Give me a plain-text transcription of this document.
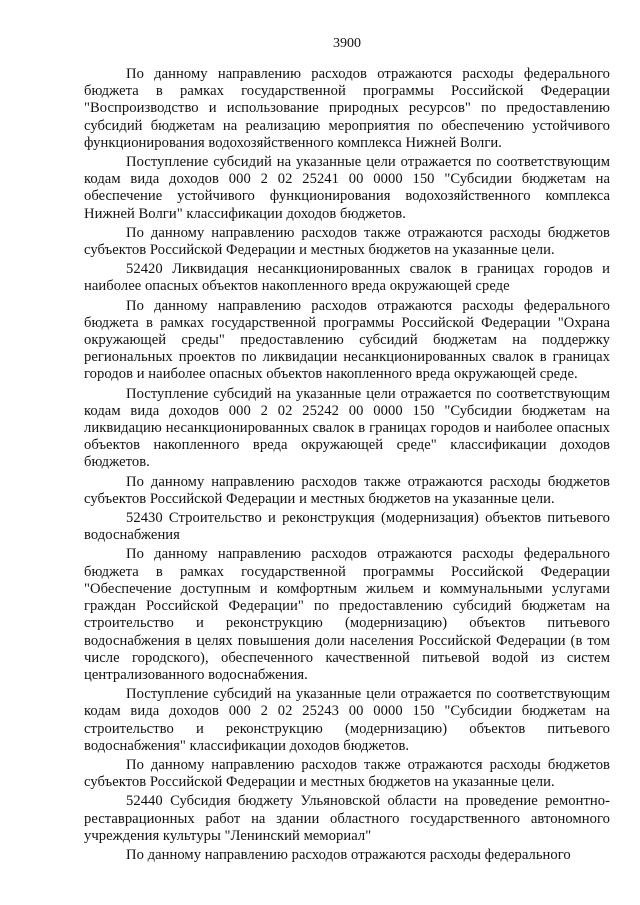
3900

По данному направлению расходов отражаются расходы федерального бюджета в рамках государственной программы Российской Федерации "Воспроизводство и использование природных ресурсов" по предоставлению субсидий бюджетам на реализацию мероприятия по обеспечению устойчивого функционирования водохозяйственного комплекса Нижней Волги.

Поступление субсидий на указанные цели отражается по соответствующим кодам вида доходов 000 2 02 25241 00 0000 150 "Субсидии бюджетам на обеспечение устойчивого функционирования водохозяйственного комплекса Нижней Волги" классификации доходов бюджетов.

По данному направлению расходов также отражаются расходы бюджетов субъектов Российской Федерации и местных бюджетов на указанные цели.

52420 Ликвидация несанкционированных свалок в границах городов и наиболее опасных объектов накопленного вреда окружающей среде

По данному направлению расходов отражаются расходы федерального бюджета в рамках государственной программы Российской Федерации "Охрана окружающей среды" предоставлению субсидий бюджетам на поддержку региональных проектов по ликвидации несанкционированных свалок в границах городов и наиболее опасных объектов накопленного вреда окружающей среде.

Поступление субсидий на указанные цели отражается по соответствующим кодам вида доходов 000 2 02 25242 00 0000 150 "Субсидии бюджетам на ликвидацию несанкционированных свалок в границах городов и наиболее опасных объектов накопленного вреда окружающей среде" классификации доходов бюджетов.

По данному направлению расходов также отражаются расходы бюджетов субъектов Российской Федерации и местных бюджетов на указанные цели.

52430 Строительство и реконструкция (модернизация) объектов питьевого водоснабжения

По данному направлению расходов отражаются расходы федерального бюджета в рамках государственной программы Российской Федерации "Обеспечение доступным и комфортным жильем и коммунальными услугами граждан Российской Федерации" по предоставлению субсидий бюджетам на строительство и реконструкцию (модернизацию) объектов питьевого водоснабжения в целях повышения доли населения Российской Федерации (в том числе городского), обеспеченного качественной питьевой водой из систем централизованного водоснабжения.

Поступление субсидий на указанные цели отражается по соответствующим кодам вида доходов 000 2 02 25243 00 0000 150 "Субсидии бюджетам на строительство и реконструкцию (модернизацию) объектов питьевого водоснабжения" классификации доходов бюджетов.

По данному направлению расходов также отражаются расходы бюджетов субъектов Российской Федерации и местных бюджетов на указанные цели.

52440 Субсидия бюджету Ульяновской области на проведение ремонтно-реставрационных работ на здании областного государственного автономного учреждения культуры "Ленинский мемориал"

По данному направлению расходов отражаются расходы федерального
